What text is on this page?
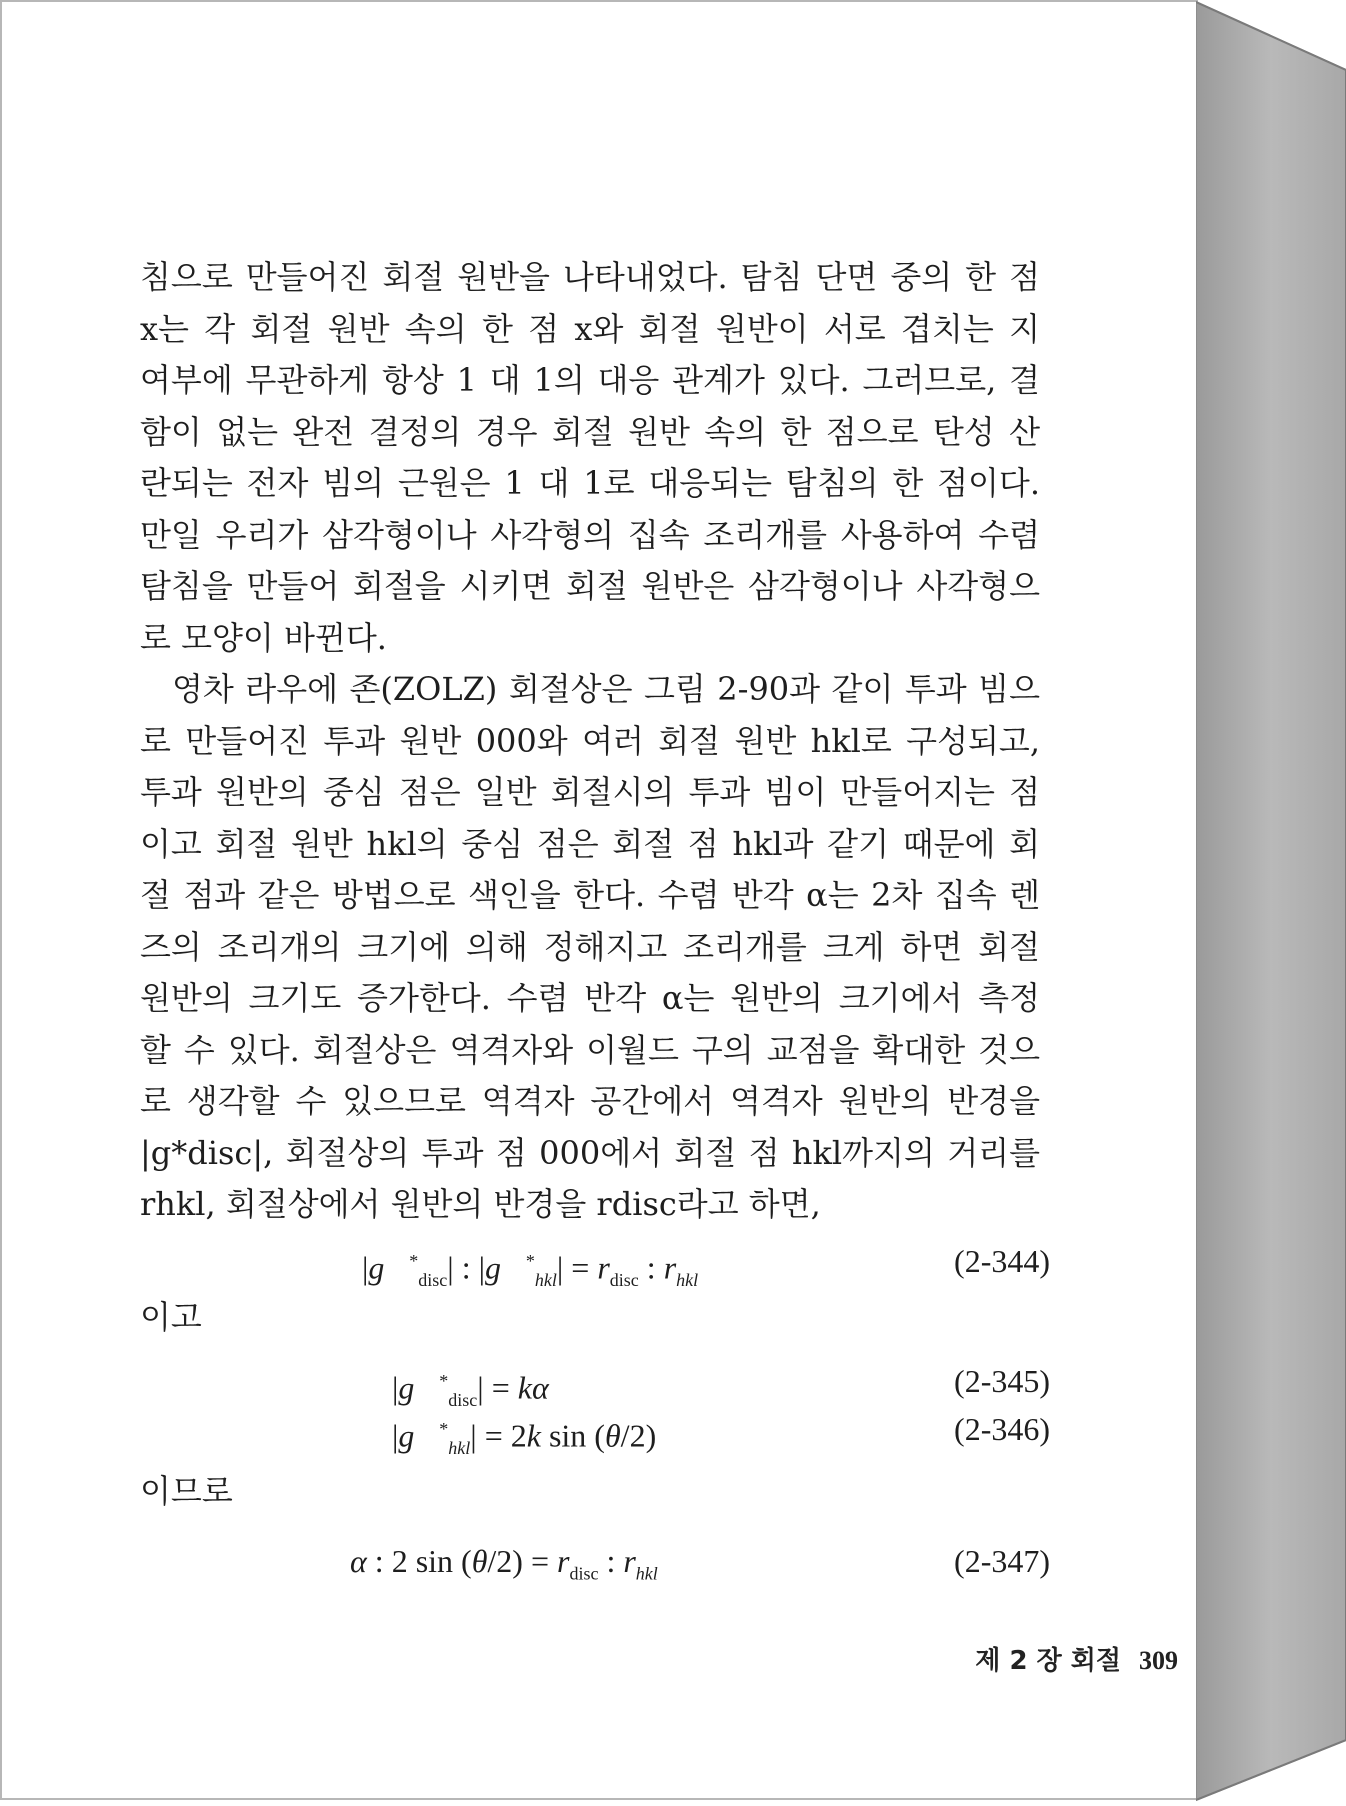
침으로 만들어진 회절 원반을 나타내었다. 탐침 단면 중의 한 점
x는 각 회절 원반 속의 한 점 x와 회절 원반이 서로 겹치는 지
여부에 무관하게 항상 1 대 1의 대응 관계가 있다. 그러므로, 결
함이 없는 완전 결정의 경우 회절 원반 속의 한 점으로 탄성 산
란되는 전자 빔의 근원은 1 대 1로 대응되는 탐침의 한 점이다.
만일 우리가 삼각형이나 사각형의 집속 조리개를 사용하여 수렴
탐침을 만들어 회절을 시키면 회절 원반은 삼각형이나 사각형으
로 모양이 바뀐다.
영차 라우에 존(ZOLZ) 회절상은 그림 2-90과 같이 투과 빔으
로 만들어진 투과 원반 000와 여러 회절 원반 hkl로 구성되고,
투과 원반의 중심 점은 일반 회절시의 투과 빔이 만들어지는 점
이고 회절 원반 hkl의 중심 점은 회절 점 hkl과 같기 때문에 회
절 점과 같은 방법으로 색인을 한다. 수렴 반각 α는 2차 집속 렌
즈의 조리개의 크기에 의해 정해지고 조리개를 크게 하면 회절
원반의 크기도 증가한다. 수렴 반각 α는 원반의 크기에서 측정
할 수 있다. 회절상은 역격자와 이월드 구의 교점을 확대한 것으
로 생각할 수 있으므로 역격자 공간에서 역격자 원반의 반경을
|g*disc|, 회절상의 투과 점 000에서 회절 점 hkl까지의 거리를
rhkl, 회절상에서 원반의 반경을 rdisc라고 하면,
$|g⃗^*_{disc}|$ : $|g⃗^*_{hkl}| = r_{disc}$ : $r_{hkl}$
(2-344)
이고
$|g⃗^*_{disc}| = k\alpha$	(2-345)
$|g⃗^*_{hkl}| = 2k$ sin (θ/2)	(2-346)
이므로
α : 2 $\sin (\theta/2) = r_{disc}$ : $r_{hkl}$	(2-347)
제 2 장 회절 309
